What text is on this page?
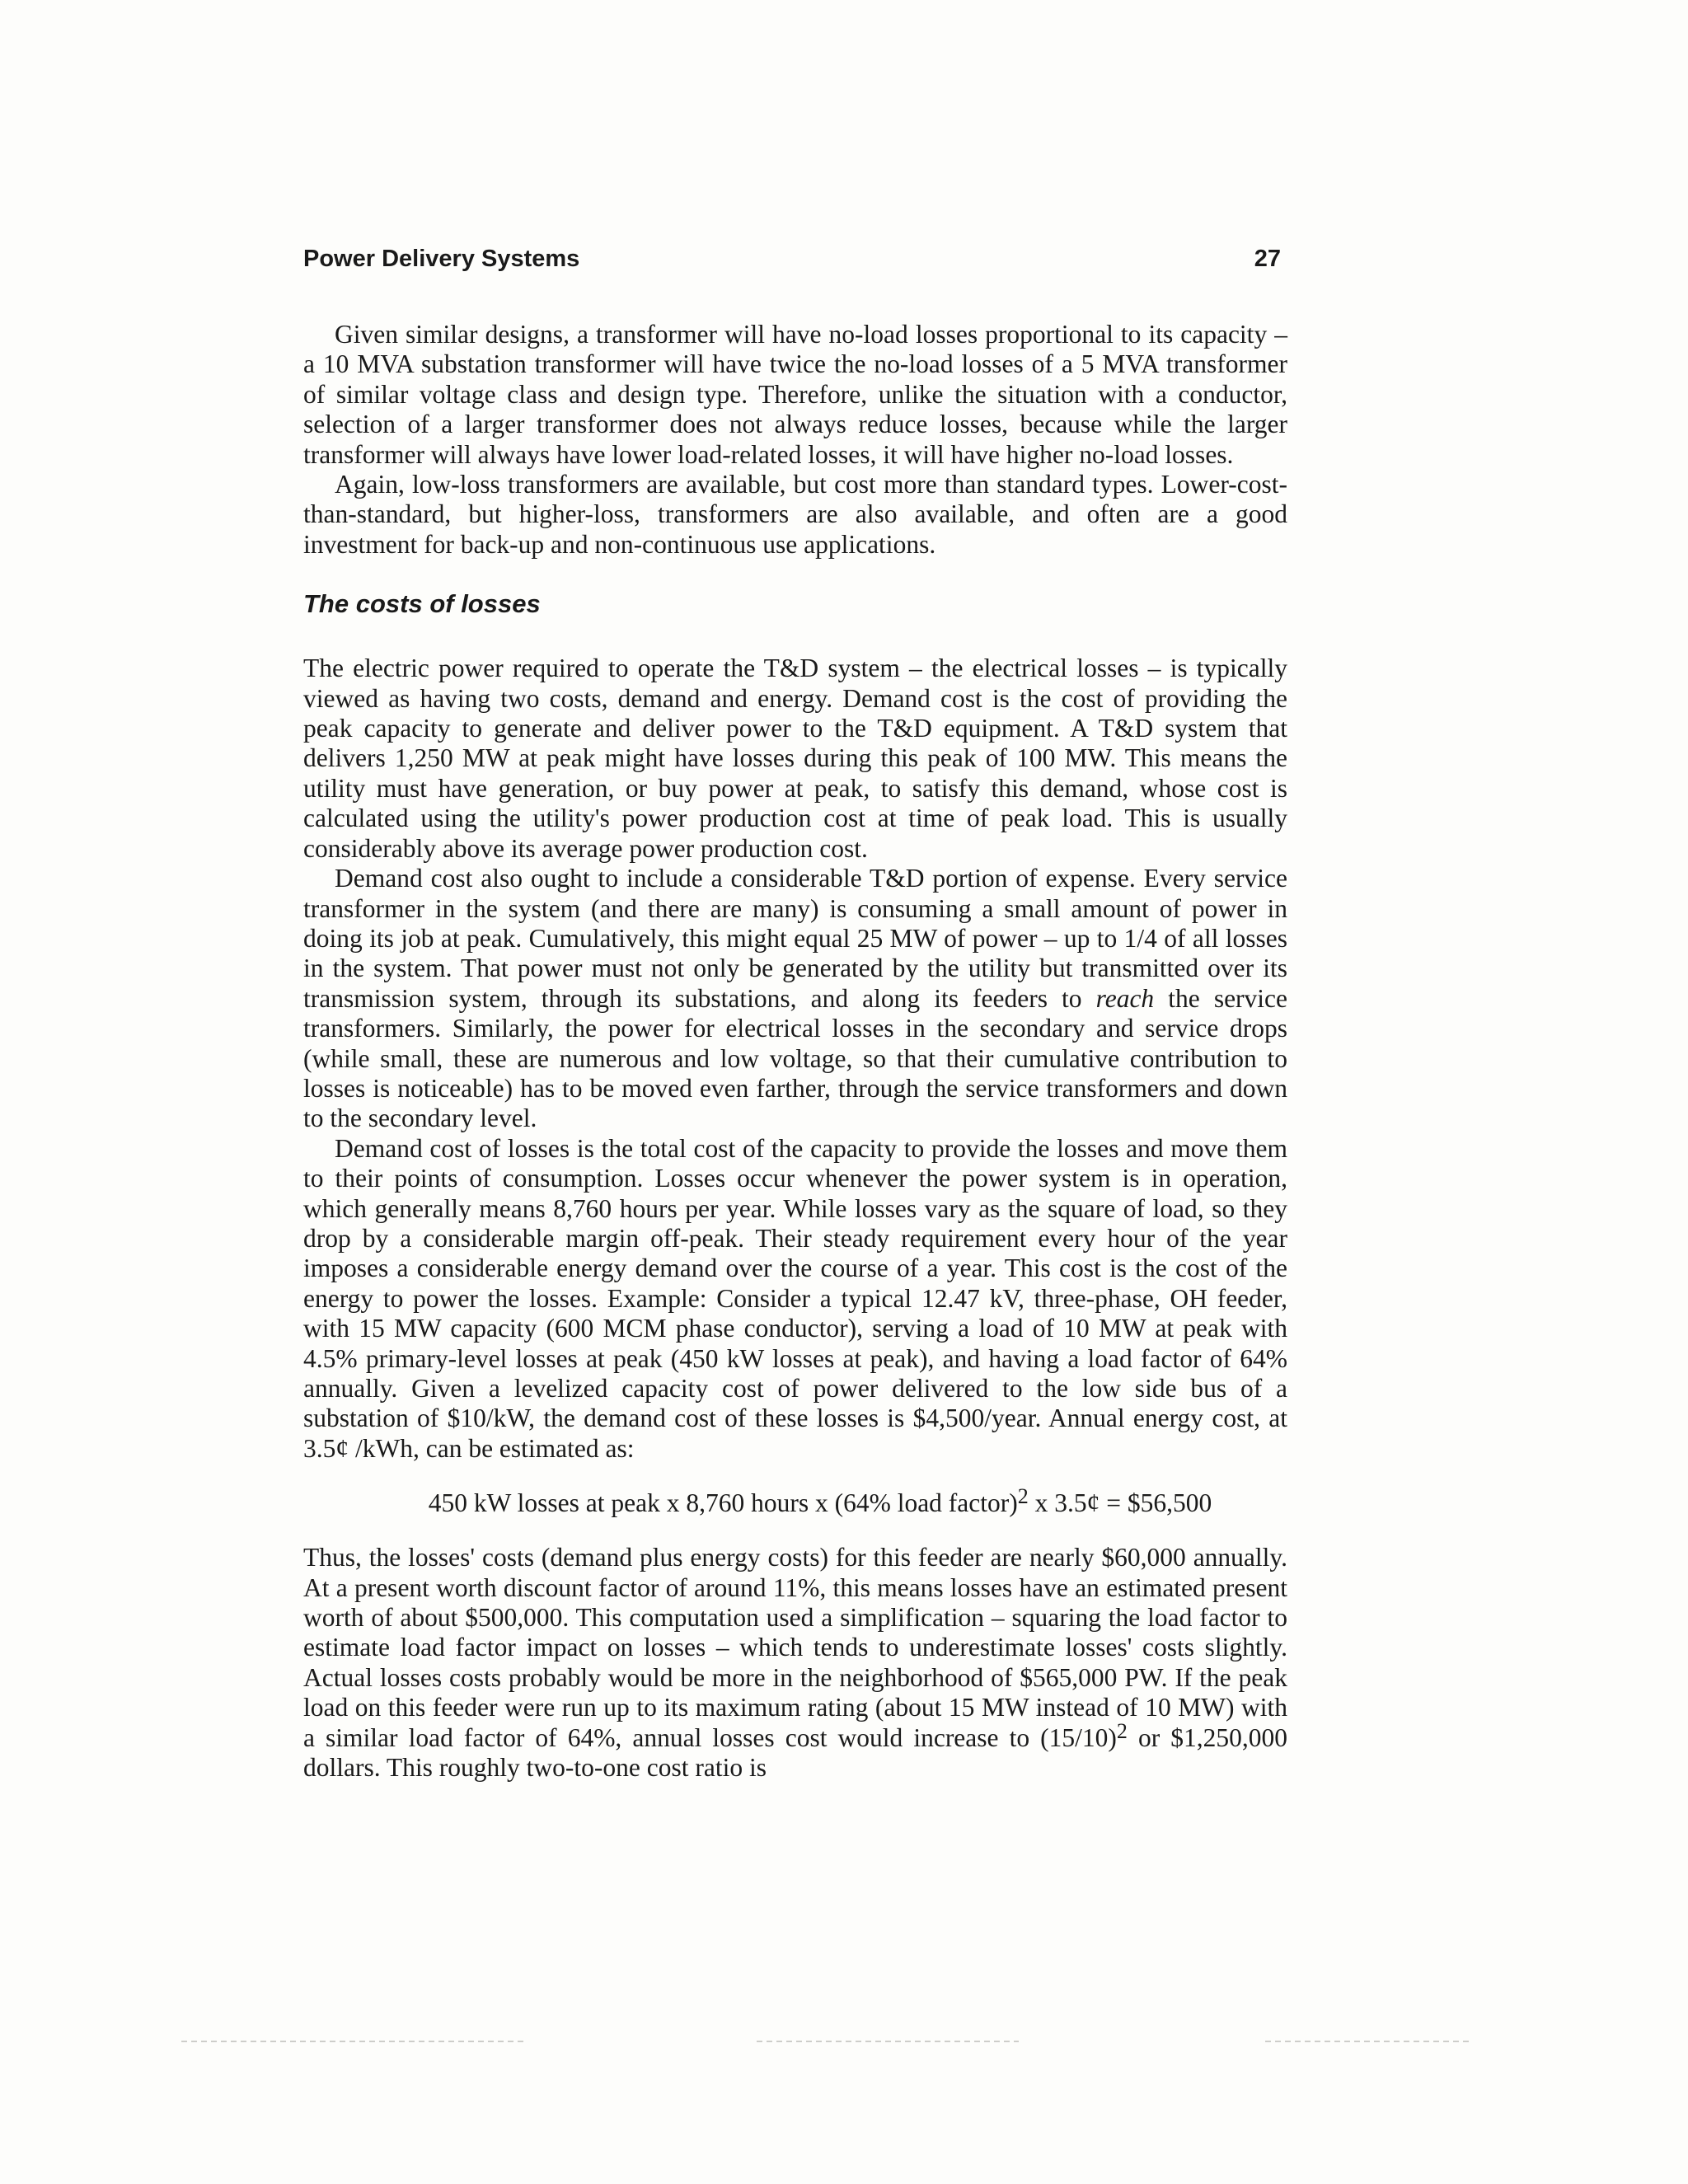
Power Delivery Systems	27

Given similar designs, a transformer will have no-load losses proportional to its capacity – a 10 MVA substation transformer will have twice the no-load losses of a 5 MVA transformer of similar voltage class and design type. Therefore, unlike the situation with a conductor, selection of a larger transformer does not always reduce losses, because while the larger transformer will always have lower load-related losses, it will have higher no-load losses.

Again, low-loss transformers are available, but cost more than standard types. Lower-cost-than-standard, but higher-loss, transformers are also available, and often are a good investment for back-up and non-continuous use applications.

The costs of losses

The electric power required to operate the T&D system – the electrical losses – is typically viewed as having two costs, demand and energy. Demand cost is the cost of providing the peak capacity to generate and deliver power to the T&D equipment. A T&D system that delivers 1,250 MW at peak might have losses during this peak of 100 MW. This means the utility must have generation, or buy power at peak, to satisfy this demand, whose cost is calculated using the utility's power production cost at time of peak load. This is usually considerably above its average power production cost.

Demand cost also ought to include a considerable T&D portion of expense. Every service transformer in the system (and there are many) is consuming a small amount of power in doing its job at peak. Cumulatively, this might equal 25 MW of power – up to 1/4 of all losses in the system. That power must not only be generated by the utility but transmitted over its transmission system, through its substations, and along its feeders to reach the service transformers. Similarly, the power for electrical losses in the secondary and service drops (while small, these are numerous and low voltage, so that their cumulative contribution to losses is noticeable) has to be moved even farther, through the service transformers and down to the secondary level.

Demand cost of losses is the total cost of the capacity to provide the losses and move them to their points of consumption. Losses occur whenever the power system is in operation, which generally means 8,760 hours per year. While losses vary as the square of load, so they drop by a considerable margin off-peak. Their steady requirement every hour of the year imposes a considerable energy demand over the course of a year. This cost is the cost of the energy to power the losses. Example: Consider a typical 12.47 kV, three-phase, OH feeder, with 15 MW capacity (600 MCM phase conductor), serving a load of 10 MW at peak with 4.5% primary-level losses at peak (450 kW losses at peak), and having a load factor of 64% annually. Given a levelized capacity cost of power delivered to the low side bus of a substation of $10/kW, the demand cost of these losses is $4,500/year. Annual energy cost, at 3.5¢ /kWh, can be estimated as:

450 kW losses at peak x 8,760 hours x (64% load factor)$^2$ x 3.5¢ = $56,500

Thus, the losses' costs (demand plus energy costs) for this feeder are nearly $60,000 annually. At a present worth discount factor of around 11%, this means losses have an estimated present worth of about $500,000. This computation used a simplification – squaring the load factor to estimate load factor impact on losses – which tends to underestimate losses' costs slightly. Actual losses costs probably would be more in the neighborhood of $565,000 PW. If the peak load on this feeder were run up to its maximum rating (about 15 MW instead of 10 MW) with a similar load factor of 64%, annual losses cost would increase to $(15/10)^2$ or $1,250,000 dollars. This roughly two-to-one cost ratio is
